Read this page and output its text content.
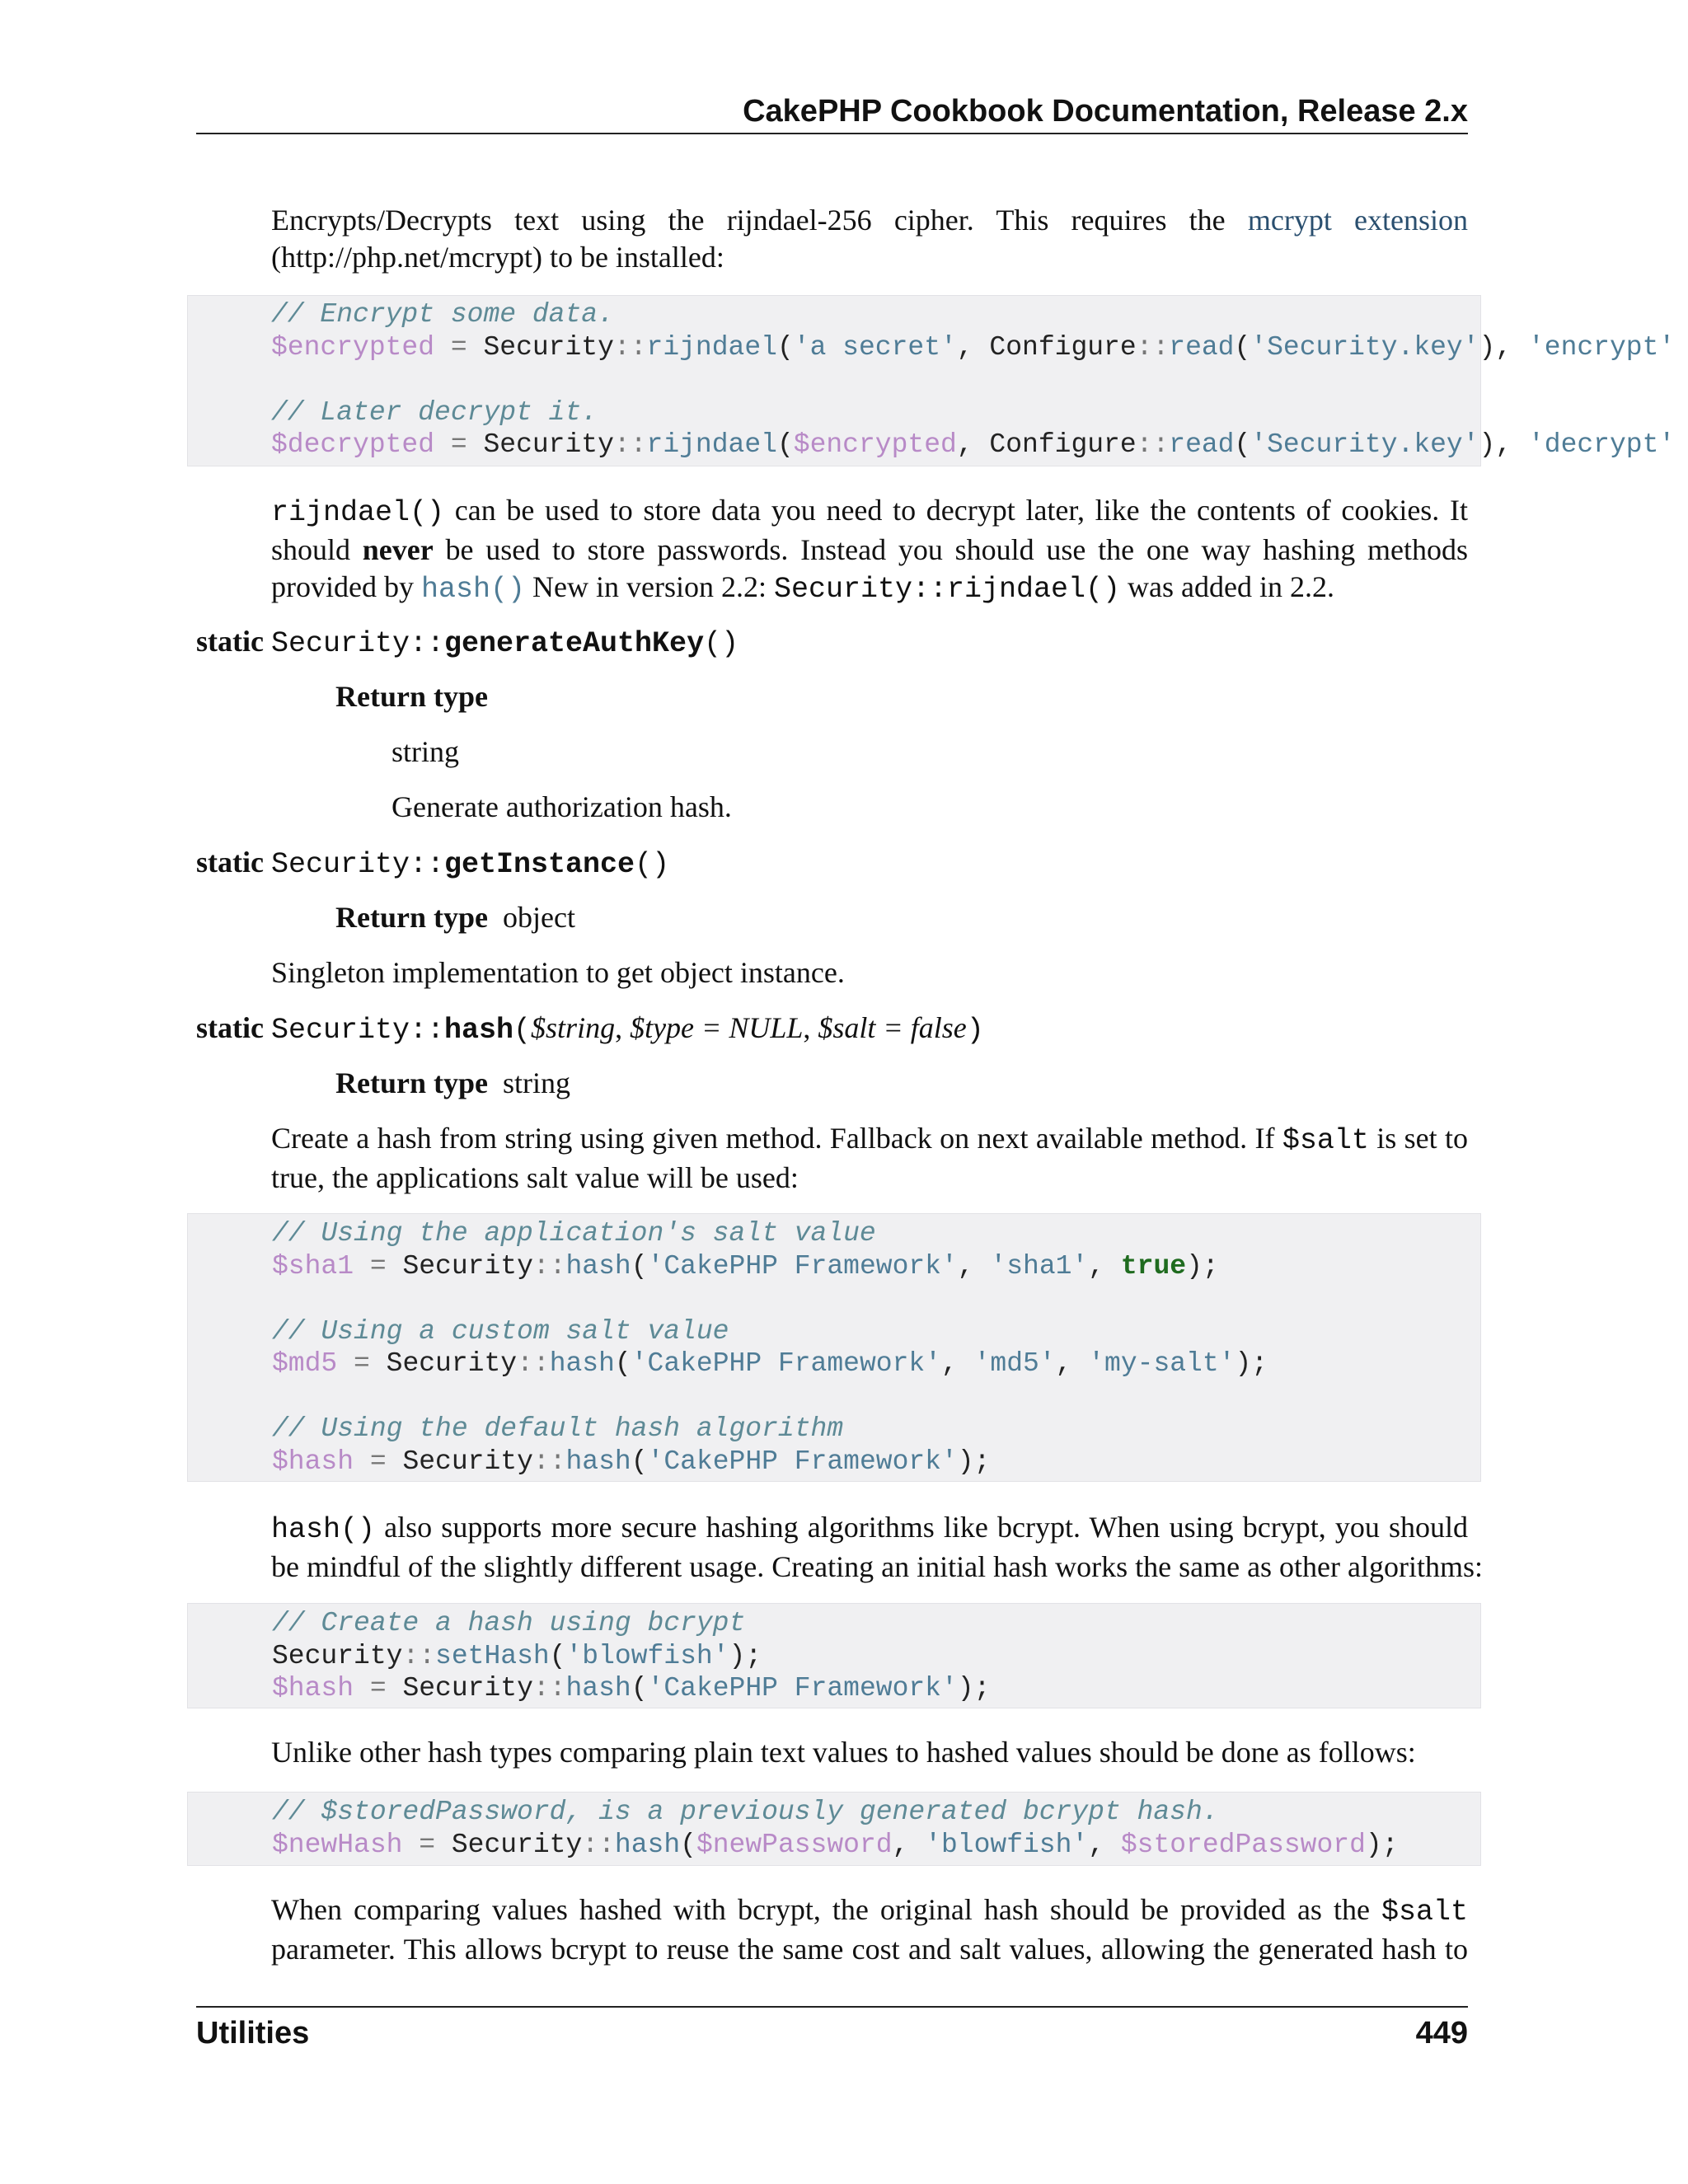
CakePHP Cookbook Documentation, Release 2.x
Encrypts/Decrypts text using the rijndael-256 cipher. This requires the mcrypt extension
(http://php.net/mcrypt) to be installed:
// Encrypt some data.
$encrypted = Security::rijndael('a secret', Configure::read('Security.key'), 'encrypt'

// Later decrypt it.
$decrypted = Security::rijndael($encrypted, Configure::read('Security.key'), 'decrypt'
rijndael() can be used to store data you need to decrypt later, like the contents of cookies. It
should never be used to store passwords. Instead you should use the one way hashing methods
provided by hash() New in version 2.2: Security::rijndael() was added in 2.2.
static Security::generateAuthKey()
Return type
string
Generate authorization hash.
static Security::getInstance()
Return type object
Singleton implementation to get object instance.
static Security::hash($string, $type = NULL, $salt = false)
Return type string
Create a hash from string using given method. Fallback on next available method. If $salt is set to
true, the applications salt value will be used:
// Using the application's salt value
$sha1 = Security::hash('CakePHP Framework', 'sha1', true);

// Using a custom salt value
$md5 = Security::hash('CakePHP Framework', 'md5', 'my-salt');

// Using the default hash algorithm
$hash = Security::hash('CakePHP Framework');
hash() also supports more secure hashing algorithms like bcrypt. When using bcrypt, you should
be mindful of the slightly different usage. Creating an initial hash works the same as other algorithms:
// Create a hash using bcrypt
Security::setHash('blowfish');
$hash = Security::hash('CakePHP Framework');
Unlike other hash types comparing plain text values to hashed values should be done as follows:
// $storedPassword, is a previously generated bcrypt hash.
$newHash = Security::hash($newPassword, 'blowfish', $storedPassword);
When comparing values hashed with bcrypt, the original hash should be provided as the $salt
parameter. This allows bcrypt to reuse the same cost and salt values, allowing the generated hash to
Utilities	449
